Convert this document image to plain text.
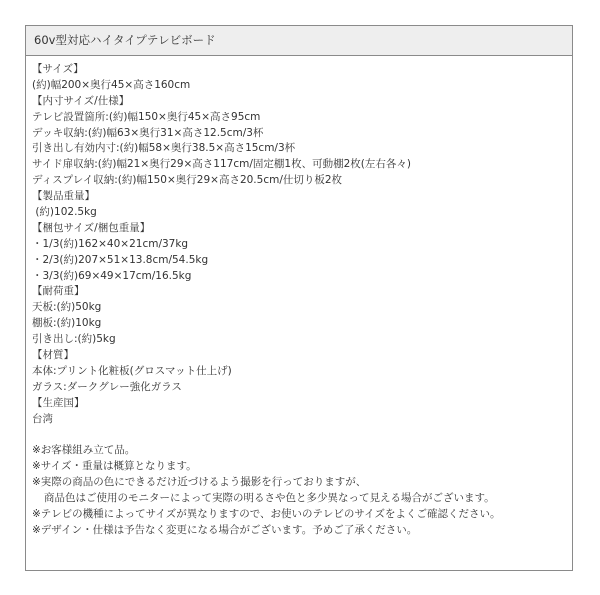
60v型対応ハイタイプテレビボード
【サイズ】
(約)幅200×奥行45×高さ160cm
【内寸サイズ/仕様】
テレビ設置箇所:(約)幅150×奥行45×高さ95cm
デッキ収納:(約)幅63×奥行31×高さ12.5cm/3杯
引き出し有効内寸:(約)幅58×奥行38.5×高さ15cm/3杯
サイド扉収納:(約)幅21×奥行29×高さ117cm/固定棚1枚、可動棚2枚(左右各々)
ディスプレイ収納:(約)幅150×奥行29×高さ20.5cm/仕切り板2枚
【製品重量】
(約)102.5kg
【梱包サイズ/梱包重量】
・1/3(約)162×40×21cm/37kg
・2/3(約)207×51×13.8cm/54.5kg
・3/3(約)69×49×17cm/16.5kg
【耐荷重】
天板:(約)50kg
棚板:(約)10kg
引き出し:(約)5kg
【材質】
本体:プリント化粧板(グロスマット仕上げ)
ガラス:ダークグレー強化ガラス
【生産国】
台湾
※お客様組み立て品。
※サイズ・重量は概算となります。
※実際の商品の色にできるだけ近づけるよう撮影を行っておりますが、
商品色はご使用のモニターによって実際の明るさや色と多少異なって見える場合がございます。
※テレビの機種によってサイズが異なりますので、お使いのテレビのサイズをよくご確認ください。
※デザイン・仕様は予告なく変更になる場合がございます。予めご了承ください。
